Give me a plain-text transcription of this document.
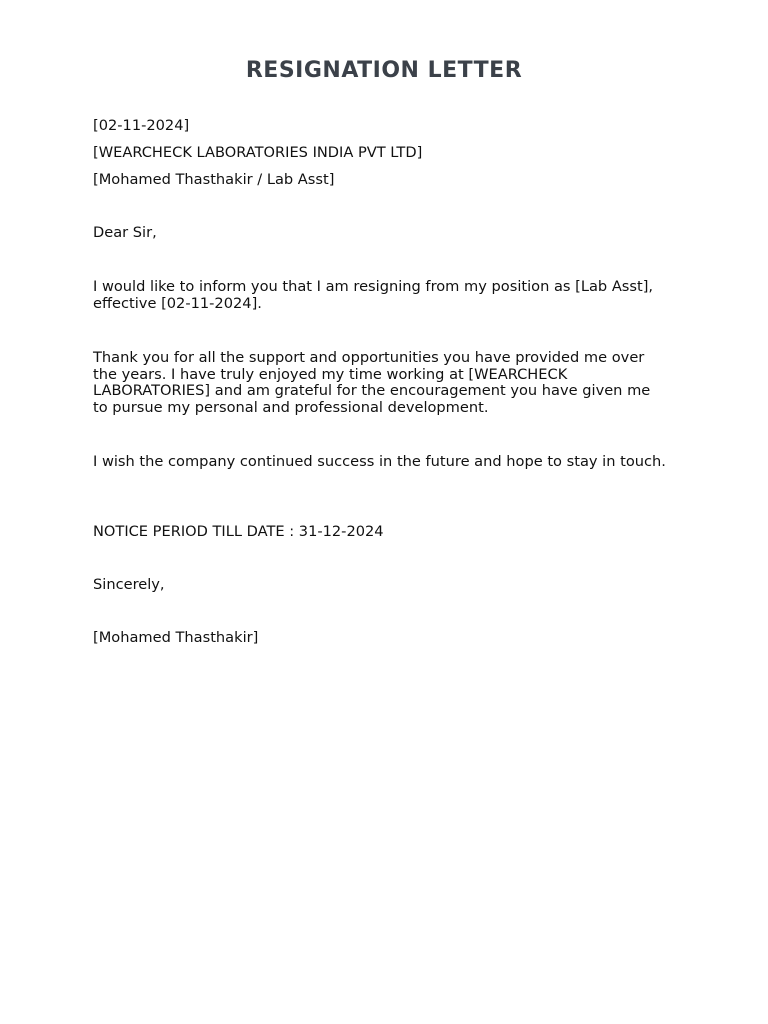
RESIGNATION LETTER

[02-11-2024]

[WEARCHECK LABORATORIES INDIA PVT LTD]

[Mohamed Thasthakir / Lab Asst]

Dear Sir,

I would like to inform you that I am resigning from my position as [Lab Asst], effective [02-11-2024].

Thank you for all the support and opportunities you have provided me over the years. I have truly enjoyed my time working at [WEARCHECK LABORATORIES] and am grateful for the encouragement you have given me to pursue my personal and professional development.

I wish the company continued success in the future and hope to stay in touch.

NOTICE PERIOD TILL DATE : 31-12-2024

Sincerely,

[Mohamed Thasthakir]
